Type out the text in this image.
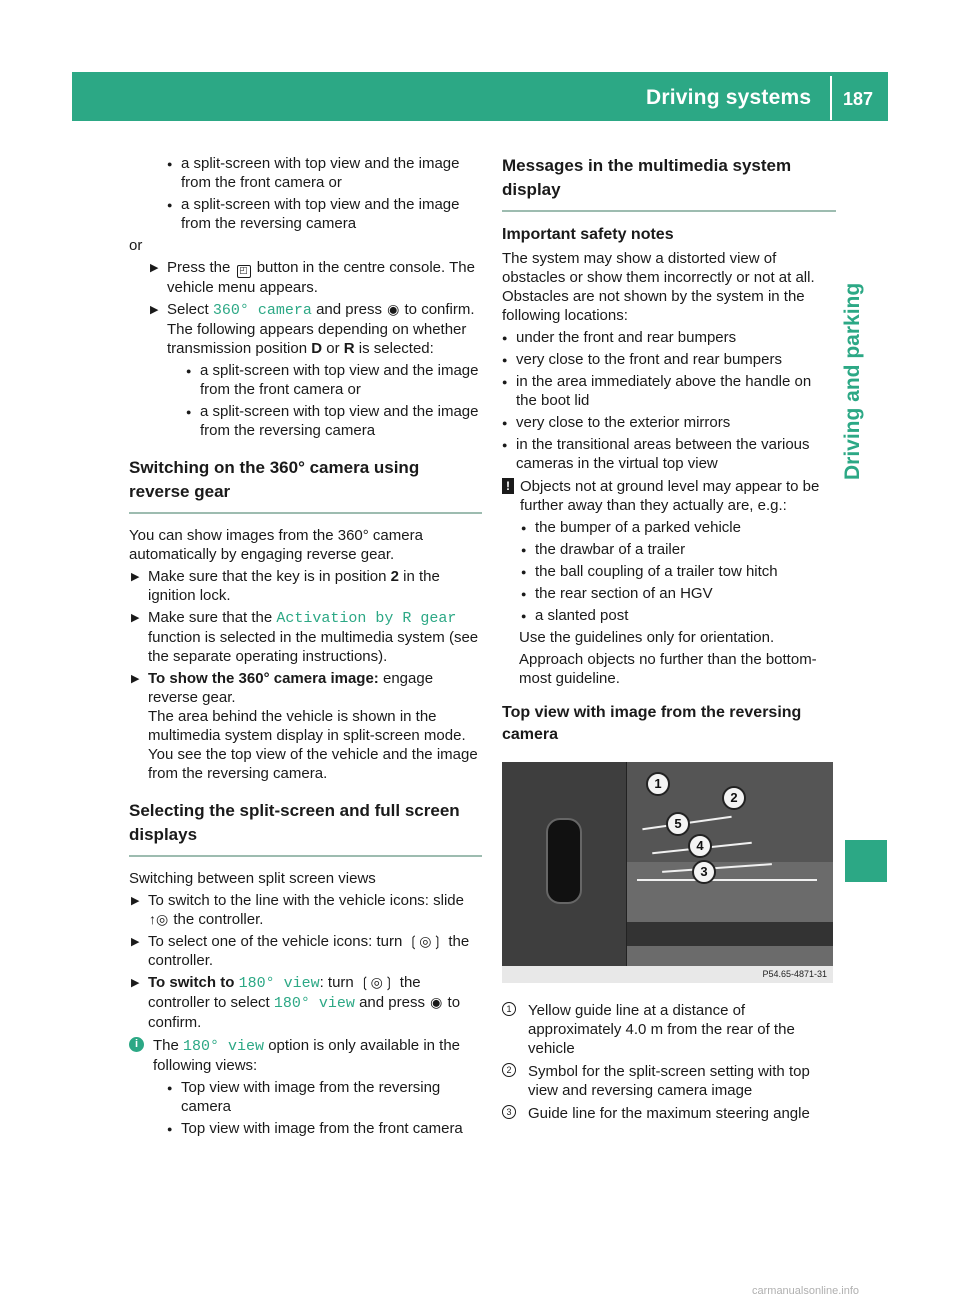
Driving systems 187
Driving and parking

● a split-screen with top view and the image from the front camera or

● a split-screen with top view and the image from the reversing camera

or

▶ Press the ◰ button in the centre console. The vehicle menu appears.

▶ Select 360° camera and press ◉ to confirm. The following appears depending on whether transmission position D or R is selected:

● a split-screen with top view and the image from the front camera or

● a split-screen with top view and the image from the reversing camera

Switching on the 360° camera using reverse gear

You can show images from the 360° camera automatically by engaging reverse gear.

▶ Make sure that the key is in position 2 in the ignition lock.

▶ Make sure that the Activation by R gear function is selected in the multimedia system (see the separate operating instructions).

▶ To show the 360° camera image: engage reverse gear.
The area behind the vehicle is shown in the multimedia system display in split-screen mode. You see the top view of the vehicle and the image from the reversing camera.

Selecting the split-screen and full screen displays

Switching between split screen views

▶ To switch to the line with the vehicle icons: slide ↑◎ the controller.

▶ To select one of the vehicle icons: turn ❲◎❳ the controller.

▶ To switch to 180° view: turn ❲◎❳ the controller to select 180° view and press ◉ to confirm.

i The 180° view option is only available in the following views:

● Top view with image from the reversing camera

● Top view with image from the front camera

Messages in the multimedia system display
Important safety notes

The system may show a distorted view of obstacles or show them incorrectly or not at all. Obstacles are not shown by the system in the following locations:

● under the front and rear bumpers

● very close to the front and rear bumpers

● in the area immediately above the handle on the boot lid

● very close to the exterior mirrors

● in the transitional areas between the various cameras in the virtual top view

! Objects not at ground level may appear to be further away than they actually are, e.g.:

● the bumper of a parked vehicle

● the drawbar of a trailer

● the ball coupling of a trailer tow hitch

● the rear section of an HGV

● a slanted post

Use the guidelines only for orientation.

Approach objects no further than the bottom-most guideline.

Top view with image from the reversing camera
1
2
3
4
5
P54.65-4871-31

1	Yellow guide line at a distance of approximately 4.0 m from the rear of the vehicle

2	Symbol for the split-screen setting with top view and reversing camera image

3	Guide line for the maximum steering angle

carmanualsonline.info
